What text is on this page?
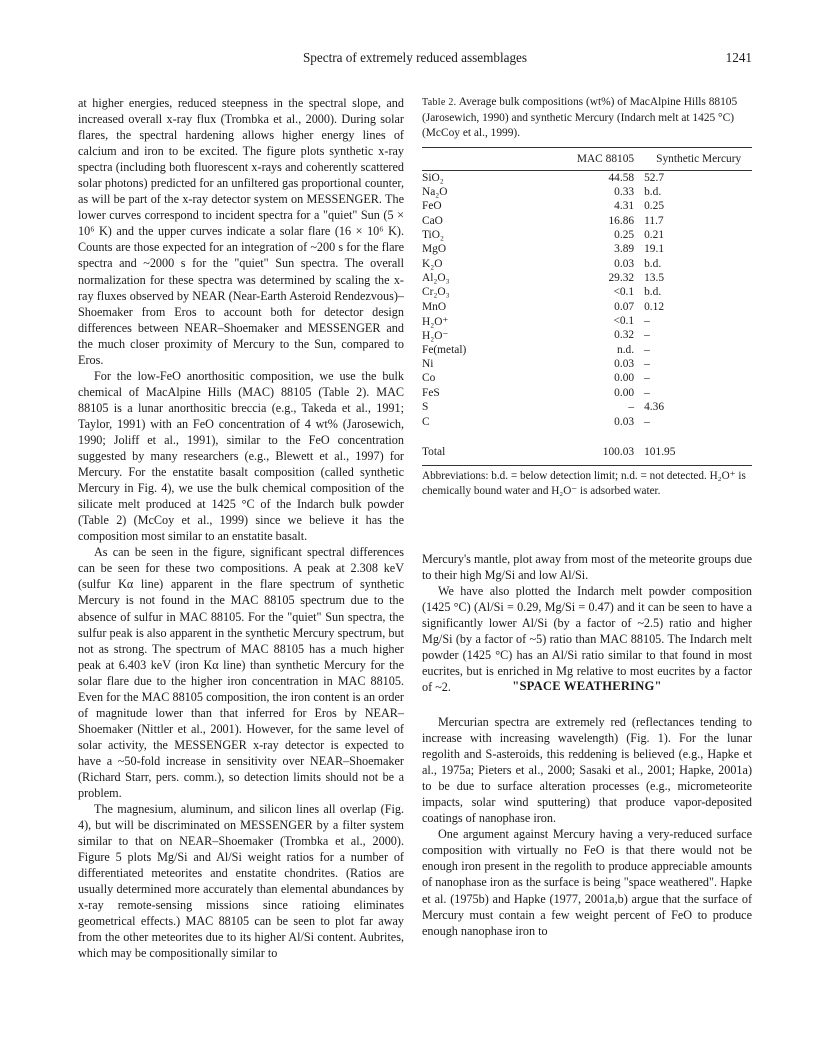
Spectra of extremely reduced assemblages	1241

at higher energies, reduced steepness in the spectral slope, and increased overall x-ray flux (Trombka et al., 2000). During solar flares, the spectral hardening allows higher energy lines of calcium and iron to be excited. The figure plots synthetic x-ray spectra (including both fluorescent x-rays and coherently scattered solar photons) predicted for an unfiltered gas proportional counter, as will be part of the x-ray detector system on MESSENGER. The lower curves correspond to incident spectra for a "quiet" Sun (5 × 10⁶ K) and the upper curves indicate a solar flare (16 × 10⁶ K). Counts are those expected for an integration of ~200 s for the flare spectra and ~2000 s for the "quiet" Sun spectra. The overall normalization for these spectra was determined by scaling the x-ray fluxes observed by NEAR (Near-Earth Asteroid Rendezvous)–Shoemaker from Eros to account both for detector design differences between NEAR–Shoemaker and MESSENGER and the much closer proximity of Mercury to the Sun, compared to Eros.

For the low-FeO anorthositic composition, we use the bulk chemical of MacAlpine Hills (MAC) 88105 (Table 2). MAC 88105 is a lunar anorthositic breccia (e.g., Takeda et al., 1991; Taylor, 1991) with an FeO concentration of 4 wt% (Jarosewich, 1990; Joliff et al., 1991), similar to the FeO concentration suggested by many researchers (e.g., Blewett et al., 1997) for Mercury. For the enstatite basalt composition (called synthetic Mercury in Fig. 4), we use the bulk chemical composition of the silicate melt produced at 1425 °C of the Indarch bulk powder (Table 2) (McCoy et al., 1999) since we believe it has the composition most similar to an enstatite basalt.

As can be seen in the figure, significant spectral differences can be seen for these two compositions. A peak at 2.308 keV (sulfur Kα line) apparent in the flare spectrum of synthetic Mercury is not found in the MAC 88105 spectrum due to the absence of sulfur in MAC 88105. For the "quiet" Sun spectra, the sulfur peak is also apparent in the synthetic Mercury spectrum, but not as strong. The spectrum of MAC 88105 has a much higher peak at 6.403 keV (iron Kα line) than synthetic Mercury for the solar flare due to the higher iron concentration in MAC 88105. Even for the MAC 88105 composition, the iron content is an order of magnitude lower than that inferred for Eros by NEAR–Shoemaker (Nittler et al., 2001). However, for the same level of solar activity, the MESSENGER x-ray detector is expected to have a ~50-fold increase in sensitivity over NEAR–Shoemaker (Richard Starr, pers. comm.), so detection limits should not be a problem.

The magnesium, aluminum, and silicon lines all overlap (Fig. 4), but will be discriminated on MESSENGER by a filter system similar to that on NEAR–Shoemaker (Trombka et al., 2000). Figure 5 plots Mg/Si and Al/Si weight ratios for a number of differentiated meteorites and enstatite chondrites. (Ratios are usually determined more accurately than elemental abundances by x-ray remote-sensing missions since ratioing eliminates geometrical effects.) MAC 88105 can be seen to plot far away from the other meteorites due to its higher Al/Si content. Aubrites, which may be compositionally similar to

Table 2. Average bulk compositions (wt%) of MacAlpine Hills 88105 (Jarosewich, 1990) and synthetic Mercury (Indarch melt at 1425 °C) (McCoy et al., 1999).

		MAC 88105	Synthetic Mercury
SiO₂		44.58	52.7
Na₂O		0.33	b.d.
FeO		4.31	0.25
CaO		16.86	11.7
TiO₂		0.25	0.21
MgO		3.89	19.1
K₂O		0.03	b.d.
Al₂O₃		29.32	13.5
Cr₂O₃		<0.1	b.d.
MnO		0.07	0.12
H₂O⁺		<0.1	–
H₂O⁻		0.32	–
Fe(metal)		n.d.	–
Ni		0.03	–
Co		0.00	–
FeS		0.00	–
S		–	4.36
C		0.03	–

Total		100.03	101.95
Abbreviations: b.d. = below detection limit; n.d. = not detected. H₂O⁺ is chemically bound water and H₂O⁻ is adsorbed water.

Mercury's mantle, plot away from most of the meteorite groups due to their high Mg/Si and low Al/Si.

We have also plotted the Indarch melt powder composition (1425 °C) (Al/Si = 0.29, Mg/Si = 0.47) and it can be seen to have a significantly lower Al/Si (by a factor of ~2.5) ratio and higher Mg/Si (by a factor of ~5) ratio than MAC 88105. The Indarch melt powder (1425 °C) has an Al/Si ratio similar to that found in most eucrites, but is enriched in Mg relative to most eucrites by a factor of ~2.	"SPACE WEATHERING"

Mercurian spectra are extremely red (reflectances tending to increase with increasing wavelength) (Fig. 1). For the lunar regolith and S-asteroids, this reddening is believed (e.g., Hapke et al., 1975a; Pieters et al., 2000; Sasaki et al., 2001; Hapke, 2001a) to be due to surface alteration processes (e.g., micrometeorite impacts, solar wind sputtering) that produce vapor-deposited coatings of nanophase iron.

One argument against Mercury having a very-reduced surface composition with virtually no FeO is that there would not be enough iron present in the regolith to produce appreciable amounts of nanophase iron as the surface is being "space weathered". Hapke et al. (1975b) and Hapke (1977, 2001a,b) argue that the surface of Mercury must contain a few weight percent of FeO to produce enough nanophase iron to
